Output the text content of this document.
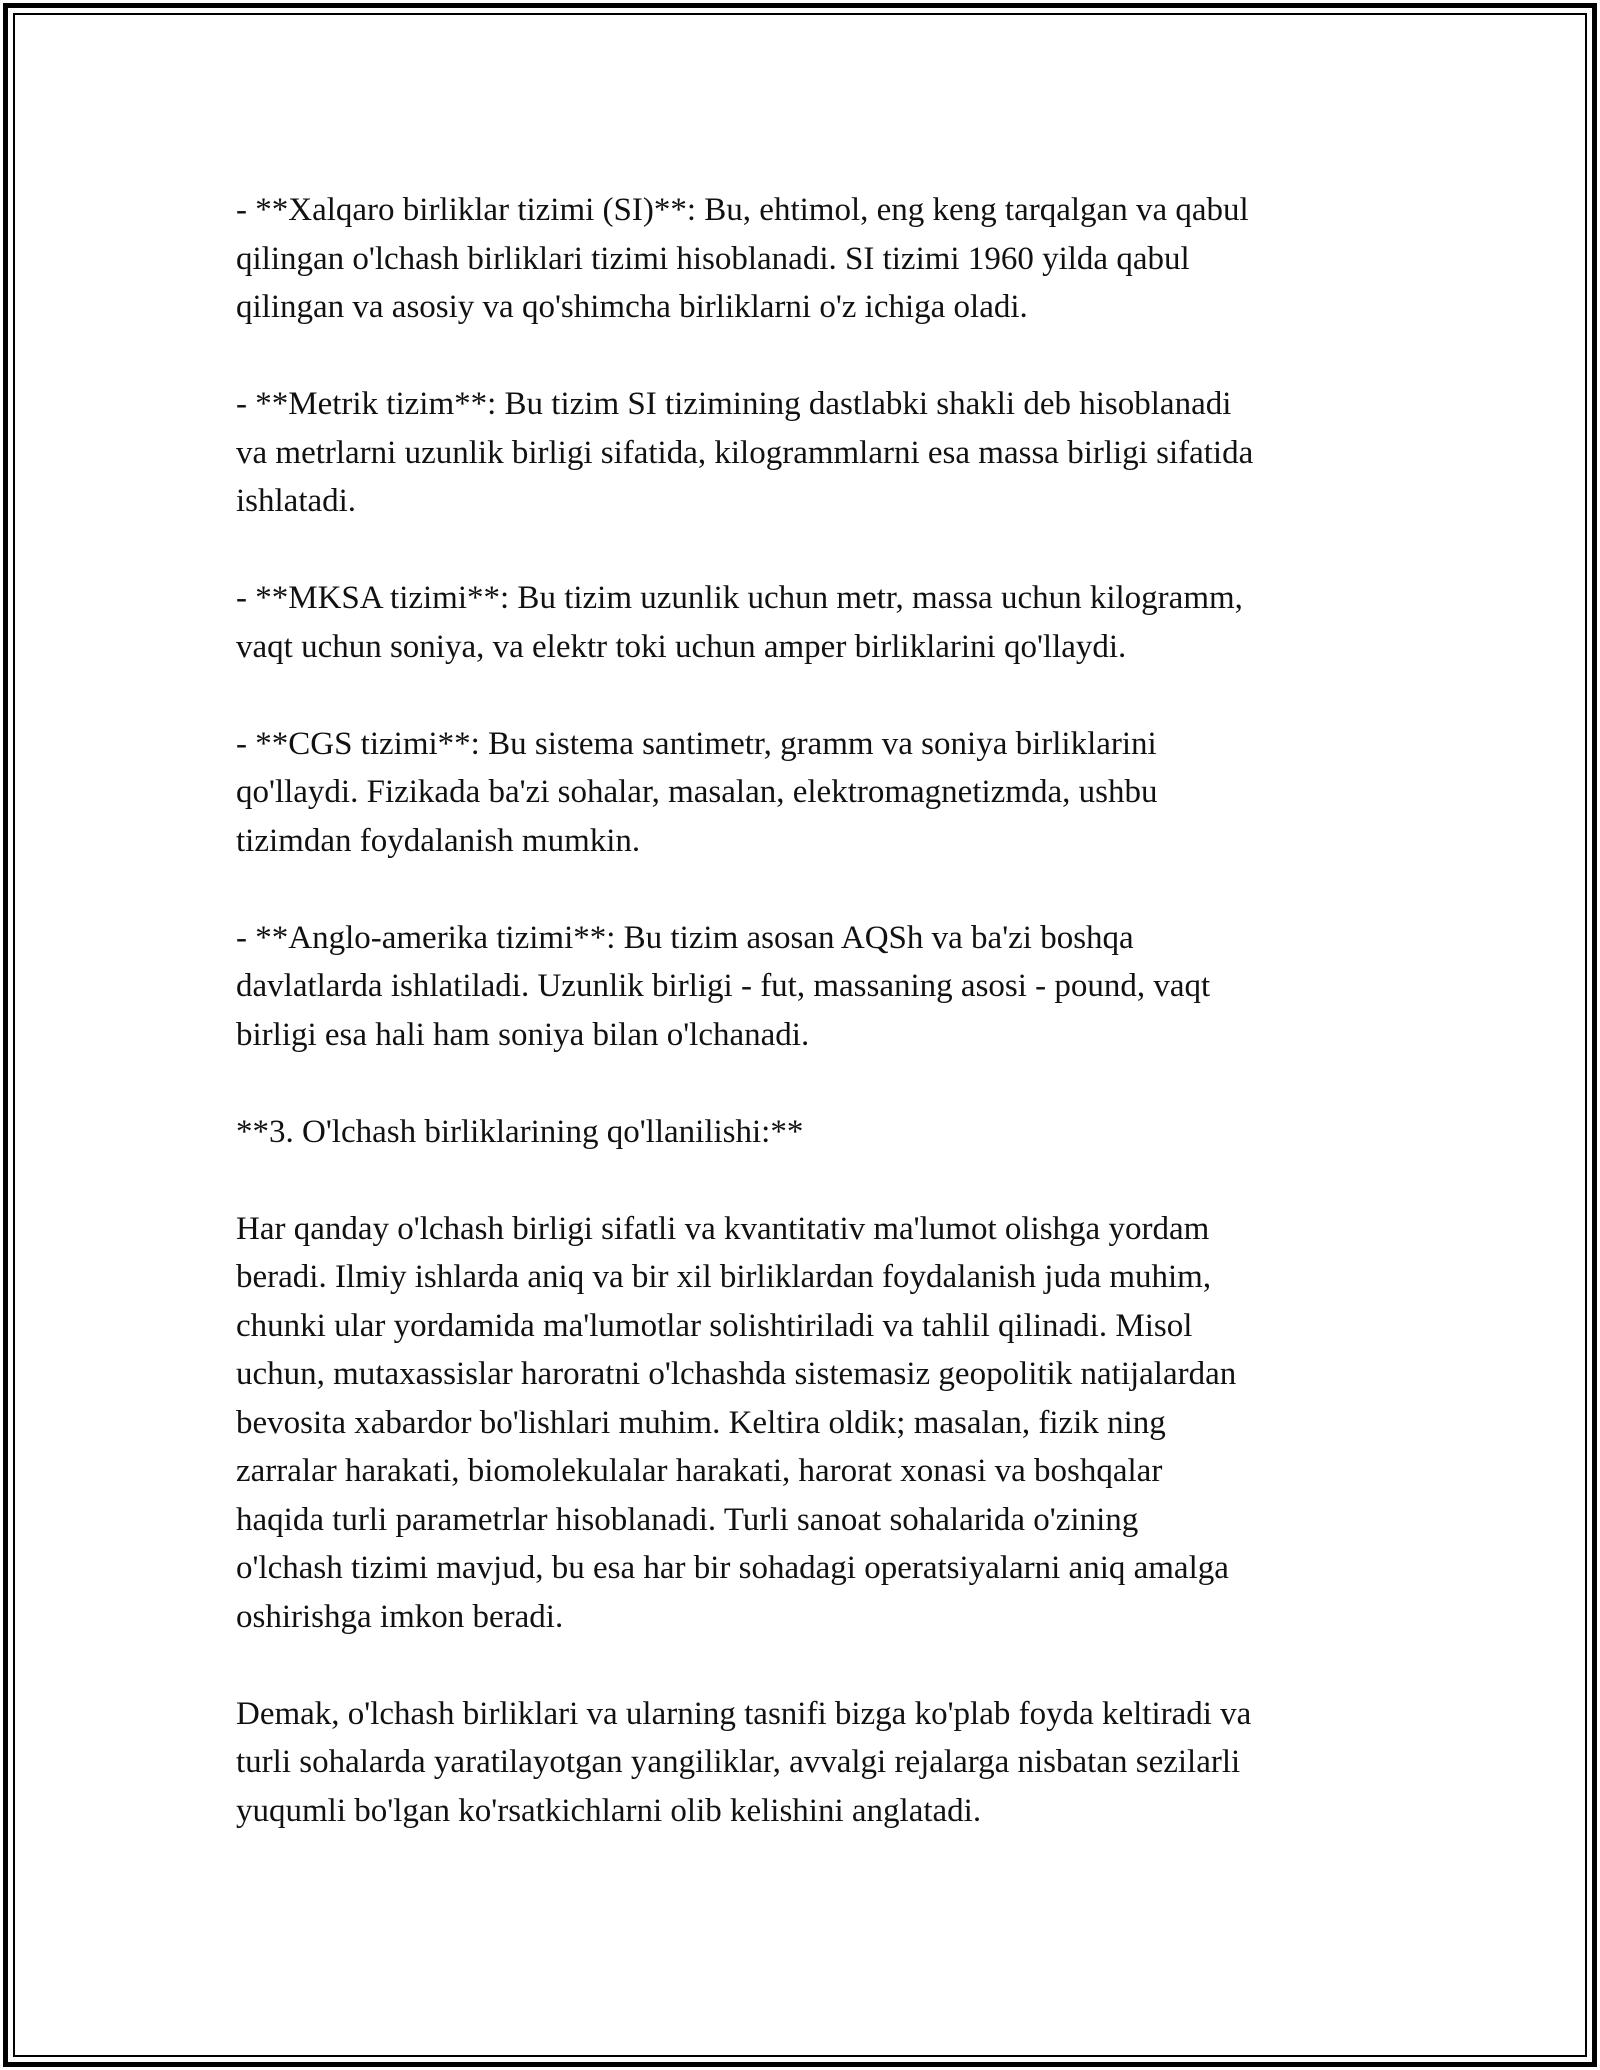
- **Xalqaro birliklar tizimi (SI)**: Bu, ehtimol, eng keng tarqalgan va qabul
qilingan o'lchash birliklari tizimi hisoblanadi. SI tizimi 1960 yilda qabul
qilingan va asosiy va qo'shimcha birliklarni o'z ichiga oladi.

- **Metrik tizim**: Bu tizim SI tizimining dastlabki shakli deb hisoblanadi
va metrlarni uzunlik birligi sifatida, kilogrammlarni esa massa birligi sifatida
ishlatadi.

- **MKSA tizimi**: Bu tizim uzunlik uchun metr, massa uchun kilogramm,
vaqt uchun soniya, va elektr toki uchun amper birliklarini qo'llaydi.

- **CGS tizimi**: Bu sistema santimetr, gramm va soniya birliklarini
qo'llaydi. Fizikada ba'zi sohalar, masalan, elektromagnetizmda, ushbu
tizimdan foydalanish mumkin.

- **Anglo-amerika tizimi**: Bu tizim asosan AQSh va ba'zi boshqa
davlatlarda ishlatiladi. Uzunlik birligi - fut, massaning asosi - pound, vaqt
birligi esa hali ham soniya bilan o'lchanadi.

**3. O'lchash birliklarining qo'llanilishi:**

Har qanday o'lchash birligi sifatli va kvantitativ ma'lumot olishga yordam
beradi. Ilmiy ishlarda aniq va bir xil birliklardan foydalanish juda muhim,
chunki ular yordamida ma'lumotlar solishtiriladi va tahlil qilinadi. Misol
uchun, mutaxassislar haroratni o'lchashda sistemasiz geopolitik natijalardan
bevosita xabardor bo'lishlari muhim. Keltira oldik; masalan, fizik ning
zarralar harakati, biomolekulalar harakati, harorat xonasi va boshqalar
haqida turli parametrlar hisoblanadi. Turli sanoat sohalarida o'zining
o'lchash tizimi mavjud, bu esa har bir sohadagi operatsiyalarni aniq amalga
oshirishga imkon beradi.

Demak, o'lchash birliklari va ularning tasnifi bizga ko'plab foyda keltiradi va
turli sohalarda yaratilayotgan yangiliklar, avvalgi rejalarga nisbatan sezilarli
yuqumli bo'lgan ko'rsatkichlarni olib kelishini anglatadi.
